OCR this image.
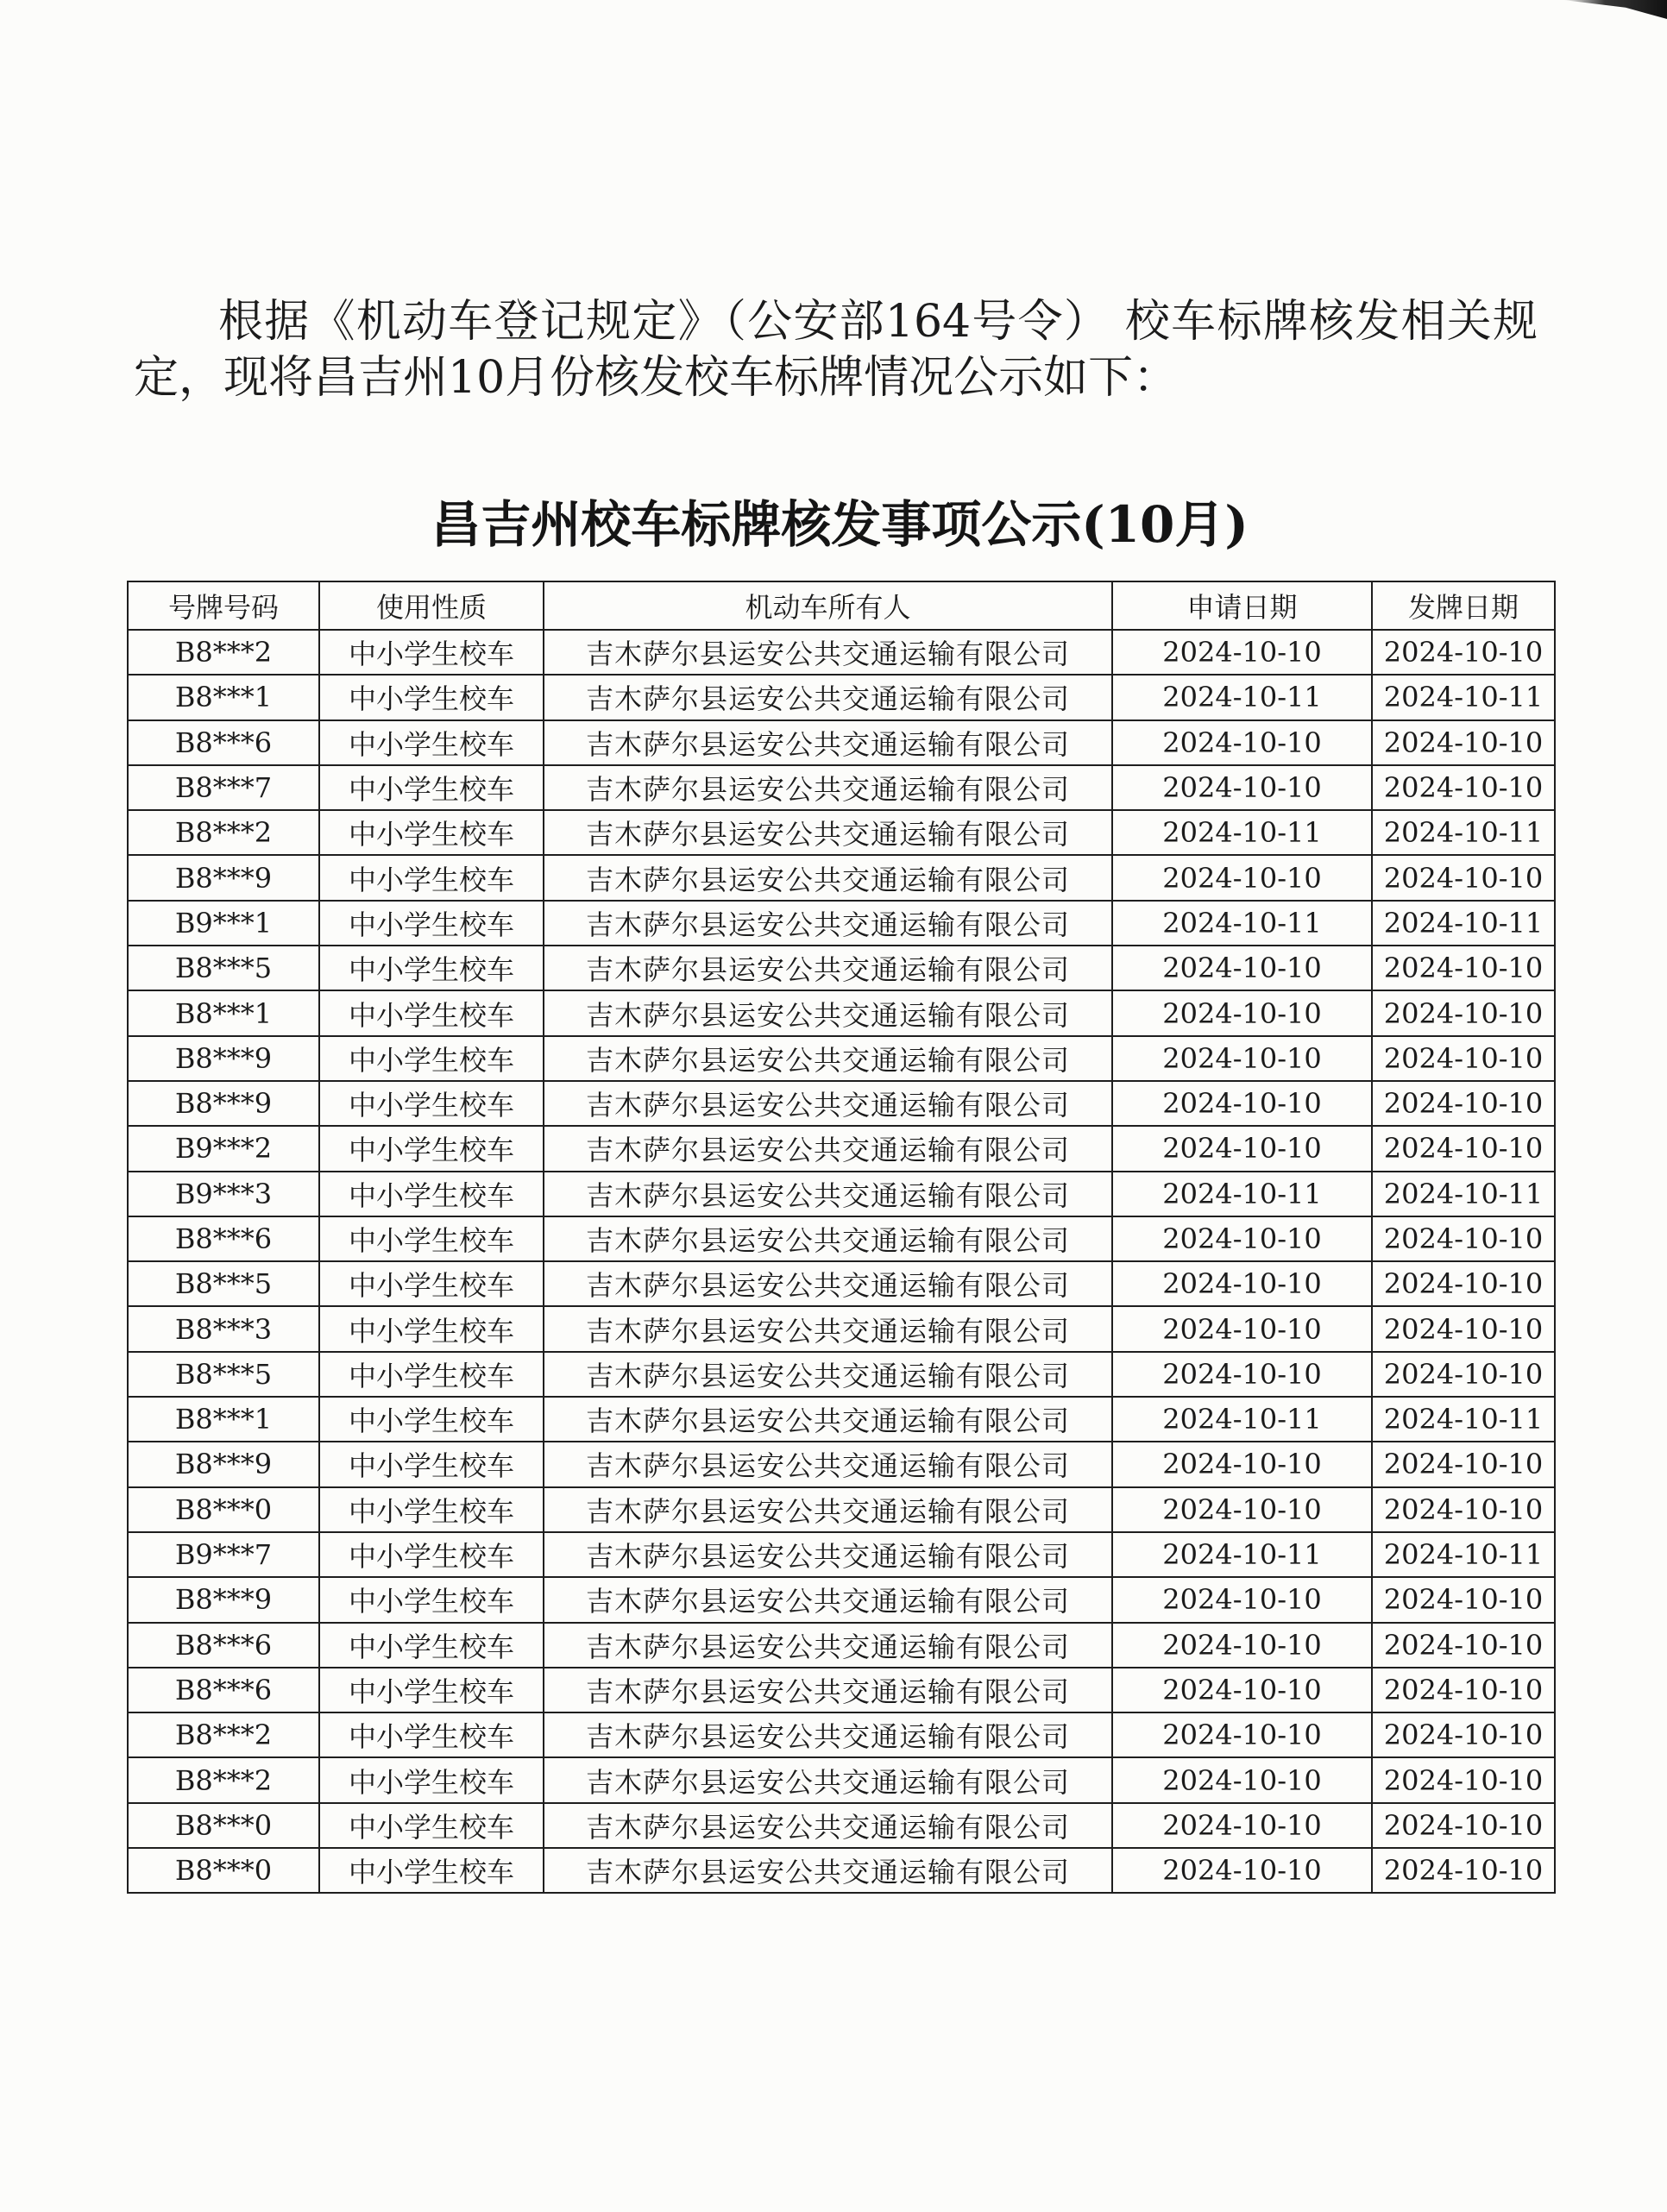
根据《机动车登记规定》（公安部164号令） 校车标牌核发相关规
定，现将昌吉州10月份核发校车标牌情况公示如下：
昌吉州校车标牌核发事项公示(10月)
号牌号码	使用性质	机动车所有人	申请日期	发牌日期
B8***2	中小学生校车	吉木萨尔县运安公共交通运输有限公司	2024-10-10	2024-10-10
B8***1	中小学生校车	吉木萨尔县运安公共交通运输有限公司	2024-10-11	2024-10-11
B8***6	中小学生校车	吉木萨尔县运安公共交通运输有限公司	2024-10-10	2024-10-10
B8***7	中小学生校车	吉木萨尔县运安公共交通运输有限公司	2024-10-10	2024-10-10
B8***2	中小学生校车	吉木萨尔县运安公共交通运输有限公司	2024-10-11	2024-10-11
B8***9	中小学生校车	吉木萨尔县运安公共交通运输有限公司	2024-10-10	2024-10-10
B9***1	中小学生校车	吉木萨尔县运安公共交通运输有限公司	2024-10-11	2024-10-11
B8***5	中小学生校车	吉木萨尔县运安公共交通运输有限公司	2024-10-10	2024-10-10
B8***1	中小学生校车	吉木萨尔县运安公共交通运输有限公司	2024-10-10	2024-10-10
B8***9	中小学生校车	吉木萨尔县运安公共交通运输有限公司	2024-10-10	2024-10-10
B8***9	中小学生校车	吉木萨尔县运安公共交通运输有限公司	2024-10-10	2024-10-10
B9***2	中小学生校车	吉木萨尔县运安公共交通运输有限公司	2024-10-10	2024-10-10
B9***3	中小学生校车	吉木萨尔县运安公共交通运输有限公司	2024-10-11	2024-10-11
B8***6	中小学生校车	吉木萨尔县运安公共交通运输有限公司	2024-10-10	2024-10-10
B8***5	中小学生校车	吉木萨尔县运安公共交通运输有限公司	2024-10-10	2024-10-10
B8***3	中小学生校车	吉木萨尔县运安公共交通运输有限公司	2024-10-10	2024-10-10
B8***5	中小学生校车	吉木萨尔县运安公共交通运输有限公司	2024-10-10	2024-10-10
B8***1	中小学生校车	吉木萨尔县运安公共交通运输有限公司	2024-10-11	2024-10-11
B8***9	中小学生校车	吉木萨尔县运安公共交通运输有限公司	2024-10-10	2024-10-10
B8***0	中小学生校车	吉木萨尔县运安公共交通运输有限公司	2024-10-10	2024-10-10
B9***7	中小学生校车	吉木萨尔县运安公共交通运输有限公司	2024-10-11	2024-10-11
B8***9	中小学生校车	吉木萨尔县运安公共交通运输有限公司	2024-10-10	2024-10-10
B8***6	中小学生校车	吉木萨尔县运安公共交通运输有限公司	2024-10-10	2024-10-10
B8***6	中小学生校车	吉木萨尔县运安公共交通运输有限公司	2024-10-10	2024-10-10
B8***2	中小学生校车	吉木萨尔县运安公共交通运输有限公司	2024-10-10	2024-10-10
B8***2	中小学生校车	吉木萨尔县运安公共交通运输有限公司	2024-10-10	2024-10-10
B8***0	中小学生校车	吉木萨尔县运安公共交通运输有限公司	2024-10-10	2024-10-10
B8***0	中小学生校车	吉木萨尔县运安公共交通运输有限公司	2024-10-10	2024-10-10
